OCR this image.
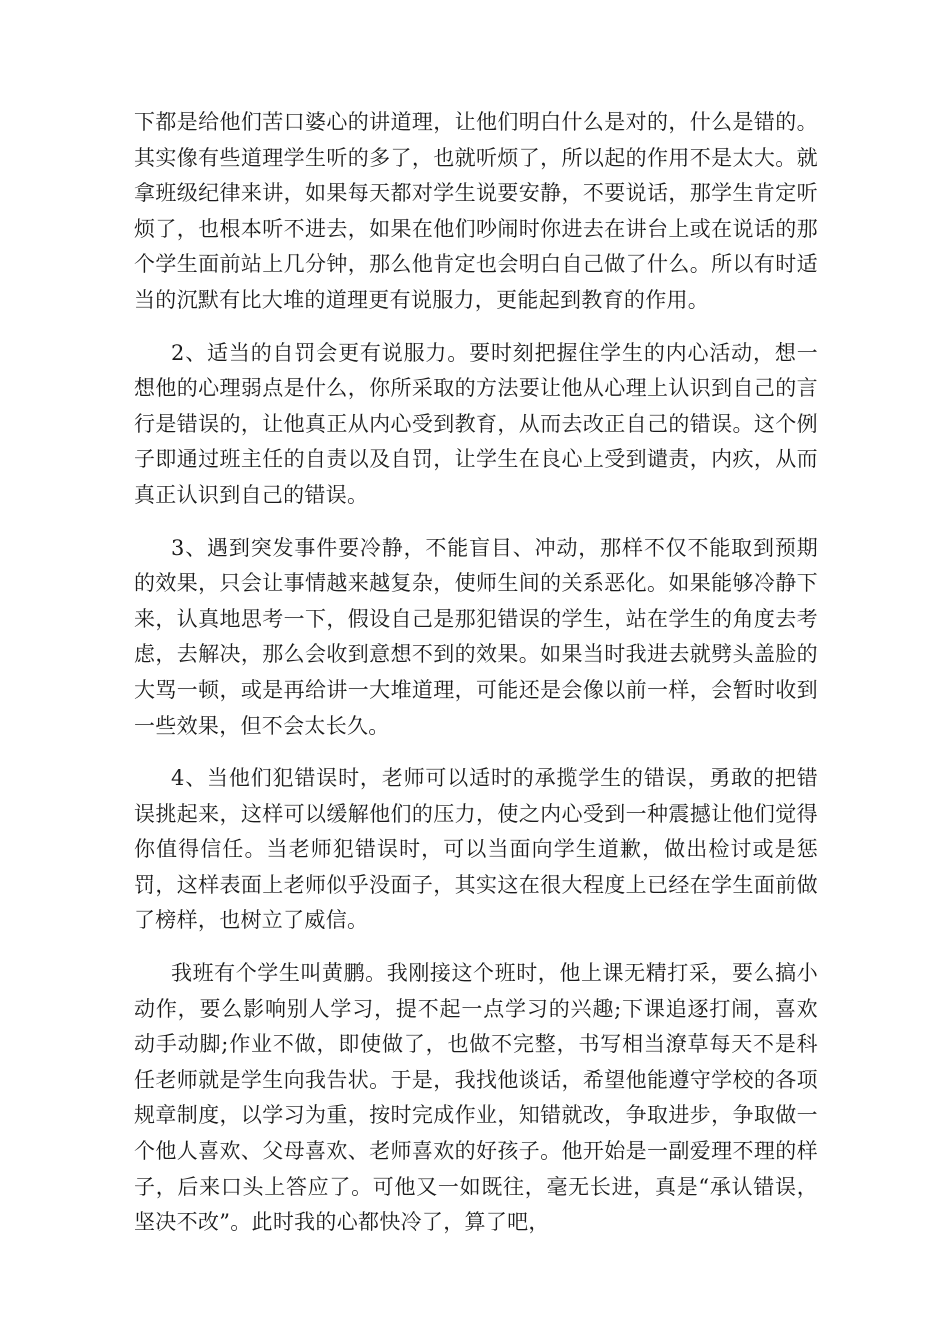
下都是给他们苦口婆心的讲道理，让他们明白什么是对的，什么是错的。其实像有些道理学生听的多了，也就听烦了，所以起的作用不是太大。就拿班级纪律来讲，如果每天都对学生说要安静，不要说话，那学生肯定听烦了，也根本听不进去，如果在他们吵闹时你进去在讲台上或在说话的那个学生面前站上几分钟，那么他肯定也会明白自己做了什么。所以有时适当的沉默有比大堆的道理更有说服力，更能起到教育的作用。

2、适当的自罚会更有说服力。要时刻把握住学生的内心活动，想一想他的心理弱点是什么，你所采取的方法要让他从心理上认识到自己的言行是错误的，让他真正从内心受到教育，从而去改正自己的错误。这个例子即通过班主任的自责以及自罚，让学生在良心上受到谴责，内疚，从而真正认识到自己的错误。

3、遇到突发事件要冷静，不能盲目、冲动，那样不仅不能取到预期的效果，只会让事情越来越复杂，使师生间的关系恶化。如果能够冷静下来，认真地思考一下，假设自己是那犯错误的学生，站在学生的角度去考虑，去解决，那么会收到意想不到的效果。如果当时我进去就劈头盖脸的大骂一顿，或是再给讲一大堆道理，可能还是会像以前一样，会暂时收到一些效果，但不会太长久。

4、当他们犯错误时，老师可以适时的承揽学生的错误，勇敢的把错误挑起来，这样可以缓解他们的压力，使之内心受到一种震撼让他们觉得你值得信任。当老师犯错误时，可以当面向学生道歉，做出检讨或是惩罚，这样表面上老师似乎没面子，其实这在很大程度上已经在学生面前做了榜样，也树立了威信。

我班有个学生叫黄鹏。我刚接这个班时，他上课无精打采，要么搞小动作，要么影响别人学习，提不起一点学习的兴趣;下课追逐打闹，喜欢动手动脚;作业不做，即使做了，也做不完整，书写相当潦草每天不是科任老师就是学生向我告状。于是，我找他谈话，希望他能遵守学校的各项规章制度，以学习为重，按时完成作业，知错就改，争取进步，争取做一个他人喜欢、父母喜欢、老师喜欢的好孩子。他开始是一副爱理不理的样子，后来口头上答应了。可他又一如既往，毫无长进，真是“承认错误，坚决不改”。此时我的心都快冷了，算了吧，
